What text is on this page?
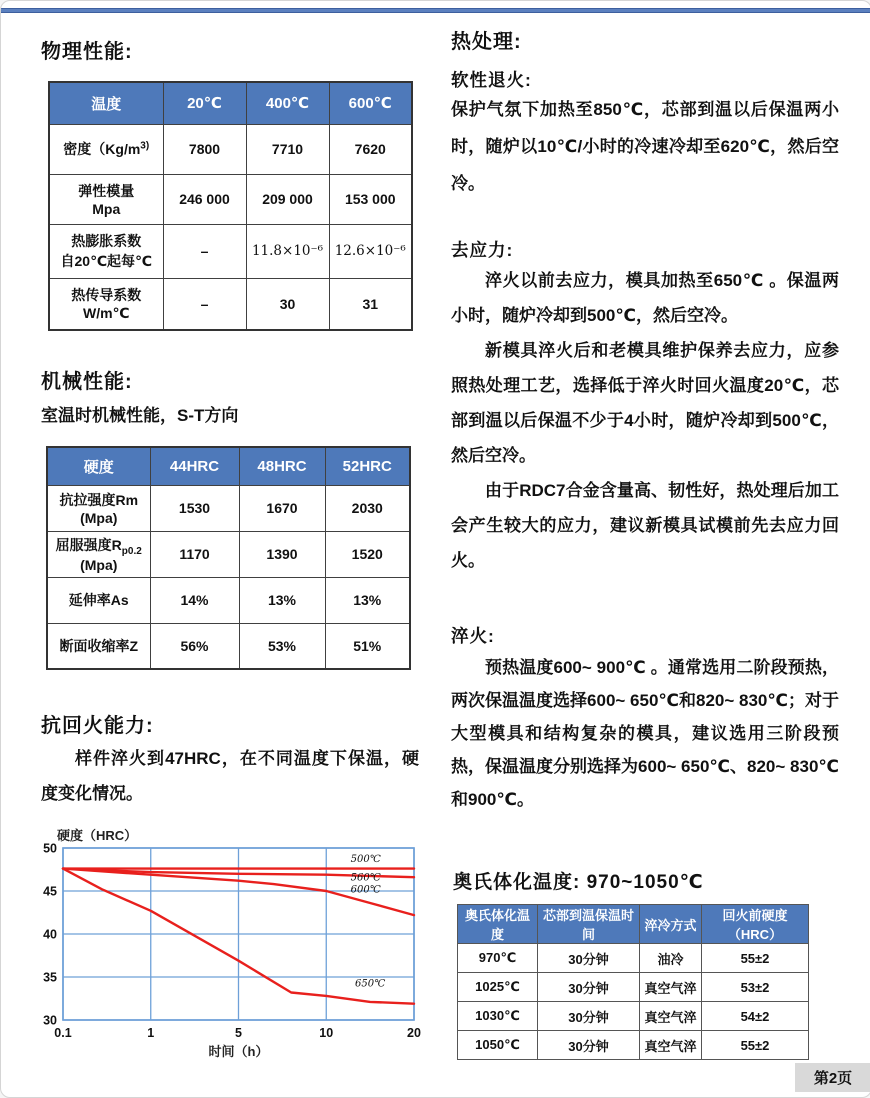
物理性能:
温度	20℃	400℃	600℃
密度（$Kg/m^{3)}$	7800	7710	7620
弹性模量
Mpa	246 000	209 000	153 000
热膨胀系数
自20℃起每℃	–	11.8×10⁻⁶	12.6×10⁻⁶
热传导系数
W/m℃	–	30	31
机械性能:
室温时机械性能，S-T方向
硬度	44HRC	48HRC	52HRC
抗拉强度Rm
(Mpa)	1530	1670	2030
屈服强度$R_{p0.2}$
(Mpa)	1170	1390	1520
延伸率As	14%	13%	13%
断面收缩率Z	56%	53%	51%
抗回火能力:
样件淬火到47HRC，在不同温度下保温，硬度变化情况。
30
35
40
45
50
0.1	1	5	10	20
硬度（HRC）
时间（h）
500℃
560℃
600℃
650℃
热处理:
软性退火:
保护气氛下加热至850℃，芯部到温以后保温两小时，随炉以10℃/小时的冷速冷却至620℃，然后空冷。
去应力:
淬火以前去应力，模具加热至650℃ 。保温两小时，随炉冷却到500℃，然后空冷。
新模具淬火后和老模具维护保养去应力，应参照热处理工艺，选择低于淬火时回火温度20℃，芯部到温以后保温不少于4小时，随炉冷却到500℃，然后空冷。
由于RDC7合金含量高、韧性好，热处理后加工会产生较大的应力，建议新模具试模前先去应力回火。
淬火:
预热温度600~ 900℃ 。通常选用二阶段预热，两次保温温度选择600~ 650℃和820~ 830℃；对于大型模具和结构复杂的模具，建议选用三阶段预热，保温温度分别选择为600~ 650℃、820~ 830℃和900℃。
奥氏体化温度: 970~1050℃
奥氏体化温度	芯部到温保温时间	淬冷方式	回火前硬度（HRC）
970℃	30分钟	油冷	55±2
1025℃	30分钟	真空气淬	53±2
1030℃	30分钟	真空气淬	54±2
1050℃	30分钟	真空气淬	55±2
第2页
